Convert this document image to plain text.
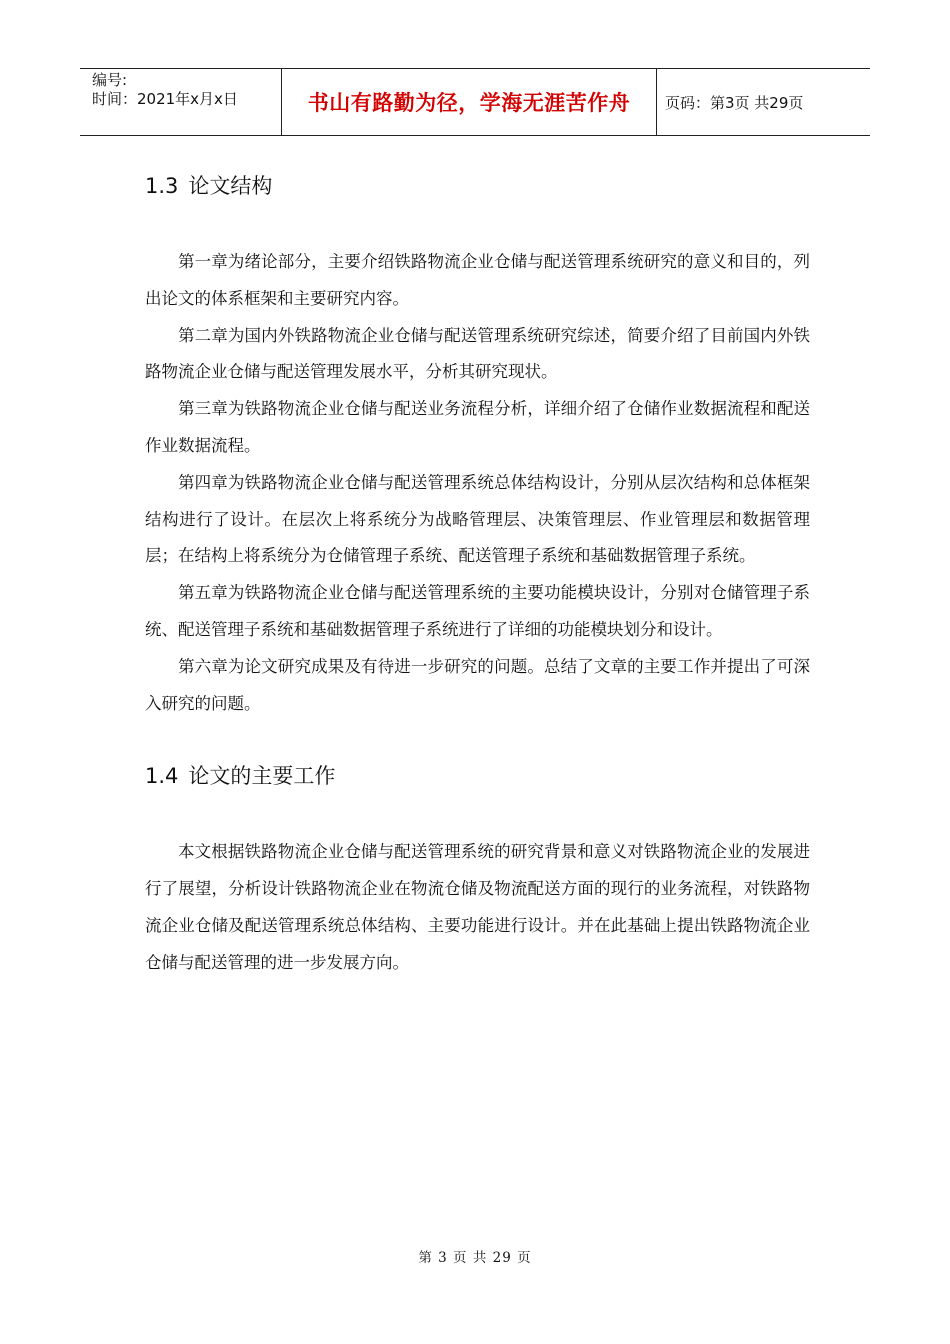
编号:
时间：2021年x月x日	书山有路勤为径，学海无涯苦作舟	页码：第3页 共29页
1.3 论文结构

第一章为绪论部分，主要介绍铁路物流企业仓储与配送管理系统研究的意义和目的，列出论文的体系框架和主要研究内容。

第二章为国内外铁路物流企业仓储与配送管理系统研究综述，简要介绍了目前国内外铁路物流企业仓储与配送管理发展水平，分析其研究现状。

第三章为铁路物流企业仓储与配送业务流程分析，详细介绍了仓储作业数据流程和配送作业数据流程。

第四章为铁路物流企业仓储与配送管理系统总体结构设计，分别从层次结构和总体框架结构进行了设计。在层次上将系统分为战略管理层、决策管理层、作业管理层和数据管理层；在结构上将系统分为仓储管理子系统、配送管理子系统和基础数据管理子系统。

第五章为铁路物流企业仓储与配送管理系统的主要功能模块设计，分别对仓储管理子系统、配送管理子系统和基础数据管理子系统进行了详细的功能模块划分和设计。

第六章为论文研究成果及有待进一步研究的问题。总结了文章的主要工作并提出了可深入研究的问题。

1.4 论文的主要工作

本文根据铁路物流企业仓储与配送管理系统的研究背景和意义对铁路物流企业的发展进行了展望，分析设计铁路物流企业在物流仓储及物流配送方面的现行的业务流程，对铁路物流企业仓储及配送管理系统总体结构、主要功能进行设计。并在此基础上提出铁路物流企业仓储与配送管理的进一步发展方向。

第 3 页 共 29 页
